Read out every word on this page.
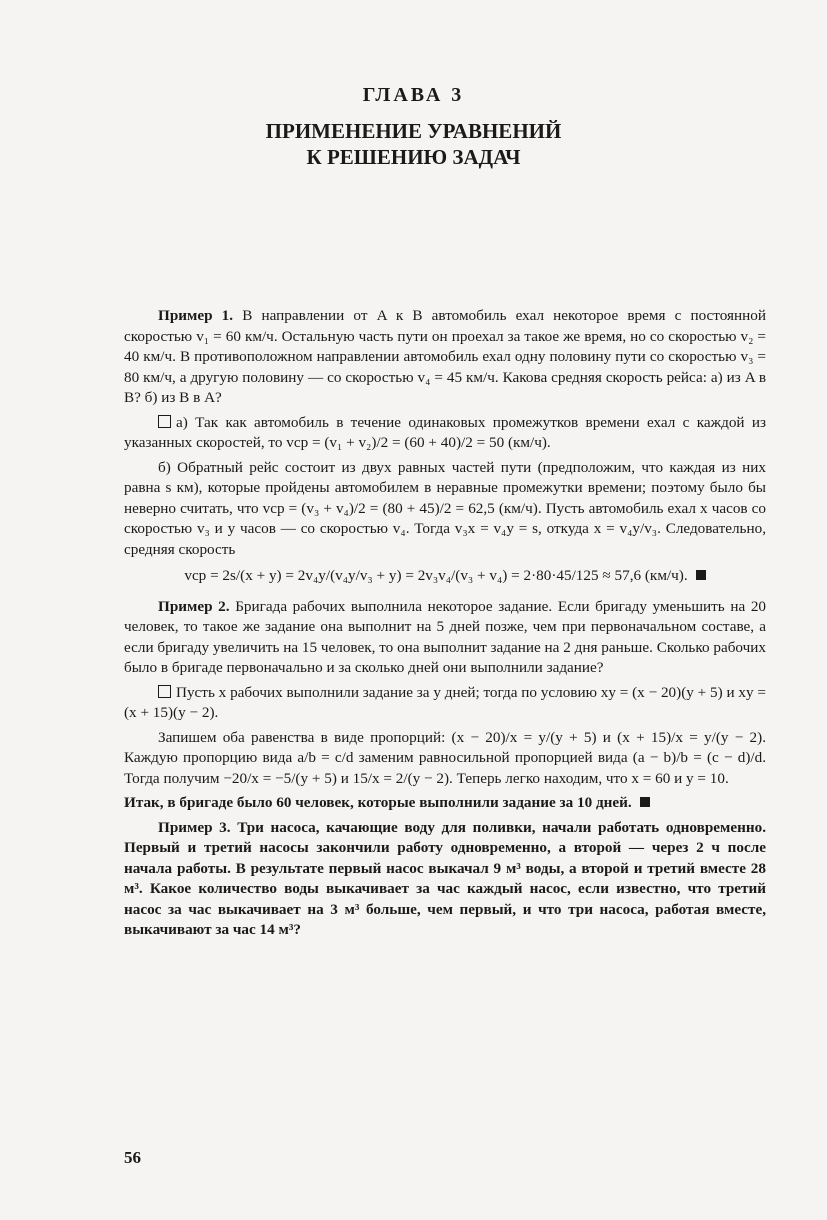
ГЛАВА 3
ПРИМЕНЕНИЕ УРАВНЕНИЙ
К РЕШЕНИЮ ЗАДАЧ

Пример 1. В направлении от A к B автомобиль ехал некоторое время с постоянной скоростью v₁ = 60 км/ч. Остальную часть пути он проехал за такое же время, но со скоростью v₂ = 40 км/ч. В противоположном направлении автомобиль ехал одну половину пути со скоростью v₃ = 80 км/ч, а другую половину — со скоростью v₄ = 45 км/ч. Какова средняя скорость рейса: а) из A в B? б) из B в A?

а) Так как автомобиль в течение одинаковых промежутков времени ехал с каждой из указанных скоростей, то vср = (v₁ + v₂)/2 = (60 + 40)/2 = 50 (км/ч).

б) Обратный рейс состоит из двух равных частей пути (предположим, что каждая из них равна s км), которые пройдены автомобилем в неравные промежутки времени; поэтому было бы неверно считать, что vср = (v₃ + v₄)/2 = (80 + 45)/2 = 62,5 (км/ч). Пусть автомобиль ехал x часов со скоростью v₃ и y часов — со скоростью v₄. Тогда v₃x = v₄y = s, откуда x = v₄y/v₃. Следовательно, средняя скорость

vср = 2s/(x + y) = 2v₄y/(v₄y/v₃ + y) = 2v₃v₄/(v₃ + v₄) = 2·80·45/125 ≈ 57,6 (км/ч).

Пример 2. Бригада рабочих выполнила некоторое задание. Если бригаду уменьшить на 20 человек, то такое же задание она выполнит на 5 дней позже, чем при первоначальном составе, а если бригаду увеличить на 15 человек, то она выполнит задание на 2 дня раньше. Сколько рабочих было в бригаде первоначально и за сколько дней они выполнили задание?

Пусть x рабочих выполнили задание за y дней; тогда по условию xy = (x − 20)(y + 5) и xy = (x + 15)(y − 2).

Запишем оба равенства в виде пропорций: (x − 20)/x = y/(y + 5) и (x + 15)/x = y/(y − 2). Каждую пропорцию вида a/b = c/d заменим равносильной пропорцией вида (a − b)/b = (c − d)/d. Тогда получим −20/x = −5/(y + 5) и 15/x = 2/(y − 2). Теперь легко находим, что x = 60 и y = 10.

Итак, в бригаде было 60 человек, которые выполнили задание за 10 дней.

Пример 3. Три насоса, качающие воду для поливки, начали работать одновременно. Первый и третий насосы закончили работу одновременно, а второй — через 2 ч после начала работы. В результате первый насос выкачал 9 м³ воды, а второй и третий вместе 28 м³. Какое количество воды выкачивает за час каждый насос, если известно, что третий насос за час выкачивает на 3 м³ больше, чем первый, и что три насоса, работая вместе, выкачивают за час 14 м³?

56
